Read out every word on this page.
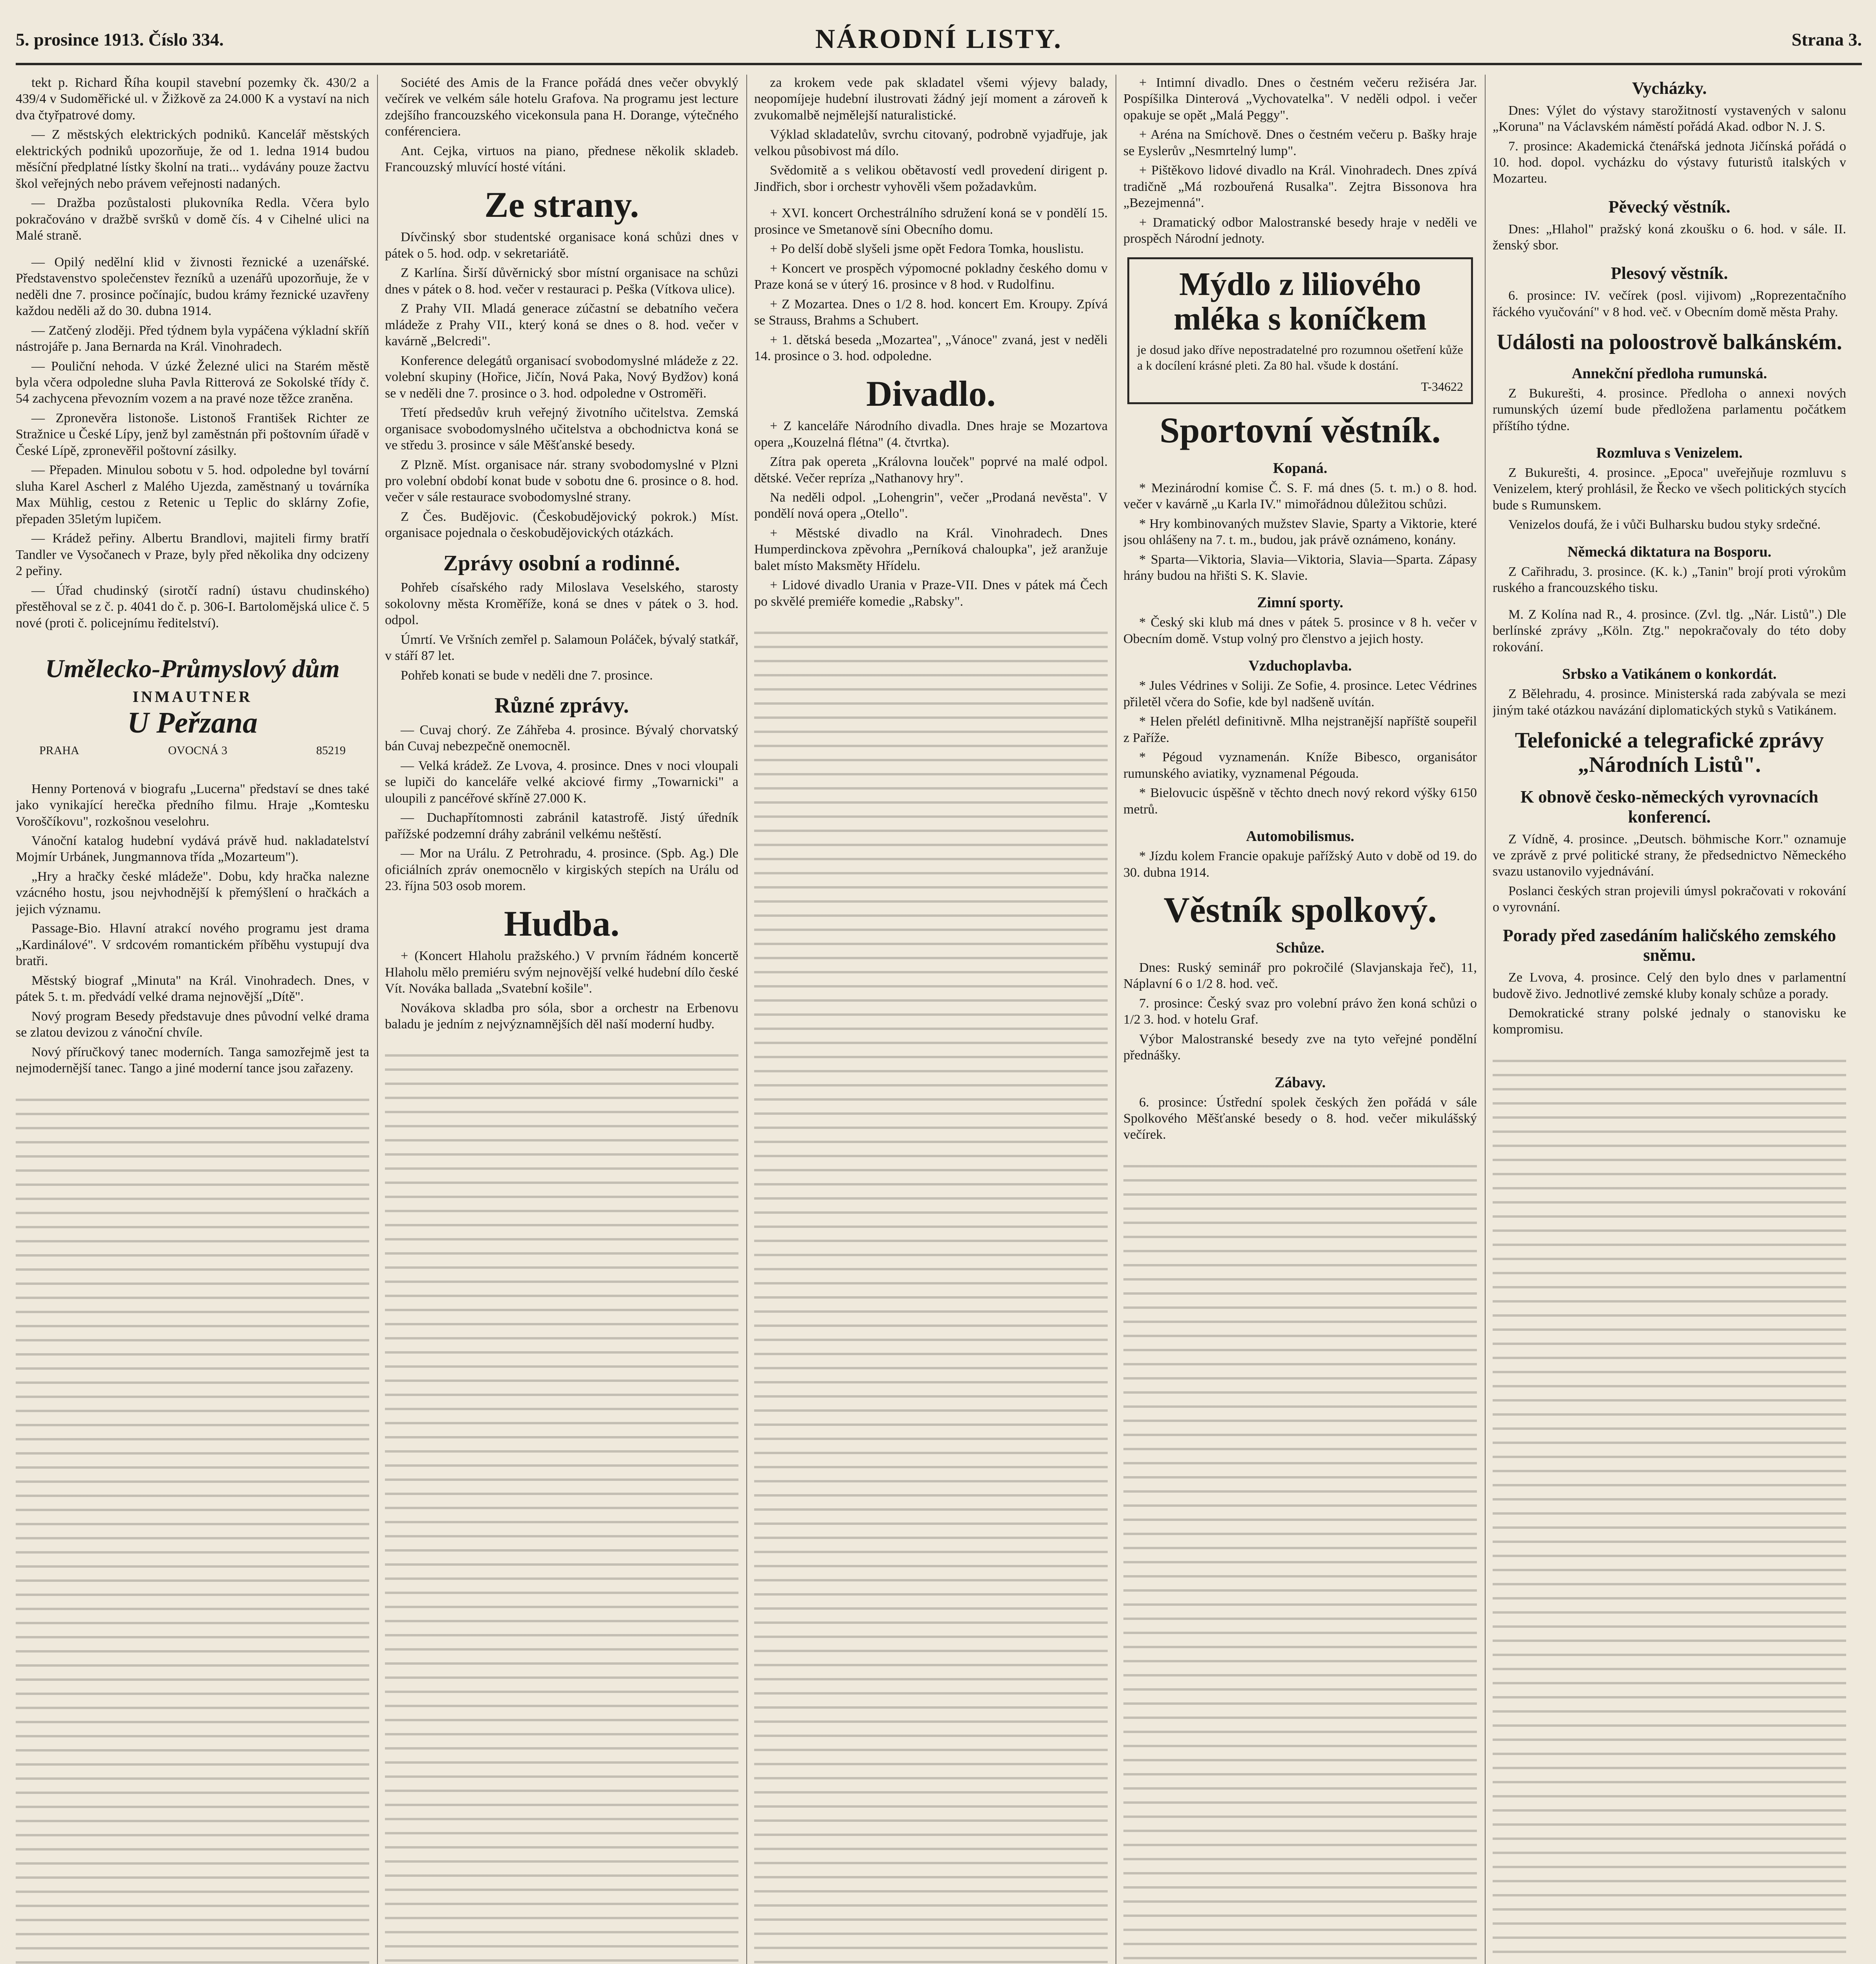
5. prosince 1913. Číslo 334.	NÁRODNÍ LISTY.	Strana 3.

tekt p. Richard Říha koupil stavební pozemky čk. 430/2 a 439/4 v Sudoměřické ul. v Žižkově za 24.000 K a vystaví na nich dva čtyřpatrové domy.

— Z městských elektrických podniků. Kancelář městských elektrických podniků upozorňuje, že od 1. ledna 1914 budou měsíční předplatné lístky školní na trati... vydávány pouze žactvu škol veřejných nebo právem veřejnosti nadaných.

— Dražba pozůstalosti plukovníka Redla. Včera bylo pokračováno v dražbě svršků v domě čís. 4 v Cihelné ulici na Malé straně.

— Opilý nedělní klid v živnosti řeznické a uzenářské. Představenstvo společenstev řezníků a uzenářů upozorňuje, že v neděli dne 7. prosince počínajíc, budou krámy řeznické uzavřeny každou neděli až do 30. dubna 1914.

— Zatčený zloději. Před týdnem byla vypáčena výkladní skříň nástrojáře p. Jana Bernarda na Král. Vinohradech.

— Pouliční nehoda. V úzké Železné ulici na Starém městě byla včera odpoledne sluha Pavla Ritterová ze Sokolské třídy č. 54 zachycena převozním vozem a na pravé noze těžce zraněna.

— Zpronevěra listonoše. Listonoš František Richter ze Stražnice u České Lípy, jenž byl zaměstnán při poštovním úřadě v České Lípě, zpronevěřil poštovní zásilky.

— Přepaden. Minulou sobotu v 5. hod. odpoledne byl tovární sluha Karel Ascherl z Malého Ujezda, zaměstnaný u továrníka Max Mühlig, cestou z Retenic u Teplic do sklárny Zofie, přepaden 35letým lupičem.

— Krádež peřiny. Albertu Brandlovi, majiteli firmy bratří Tandler ve Vysočanech v Praze, byly před několika dny odcizeny 2 peřiny.

— Úřad chudinský (sirotčí radní) ústavu chudinského) přestěhoval se z č. p. 4041 do č. p. 306-I. Bartolomějská ulice č. 5 nové (proti č. policejnímu ředitelství).

Umělecko-Průmyslový dům
INMAUTNER
U Peřzana
PRAHA	OVOCNÁ 3	85219

Henny Portenová v biografu „Lucerna" představí se dnes také jako vynikající herečka předního filmu. Hraje „Komtesku Voroščíkovu", rozkošnou veselohru.

Vánoční katalog hudební vydává právě hud. nakladatelství Mojmír Urbánek, Jungmannova třída „Mozarteum").

„Hry a hračky české mládeže". Dobu, kdy hračka nalezne vzácného hostu, jsou nejvhodnější k přemýšlení o hračkách a jejich významu.

Passage-Bio. Hlavní atrakcí nového programu jest drama „Kardinálové". V srdcovém romantickém příběhu vystupují dva bratři.

Městský biograf „Minuta" na Král. Vinohradech. Dnes, v pátek 5. t. m. předvádí velké drama nejnovější „Dítě".

Nový program Besedy představuje dnes původní velké drama se zlatou devizou z vánoční chvíle.

Nový příručkový tanec moderních. Tanga samozřejmě jest ta nejmodernější tanec. Tango a jiné moderní tance jsou zařazeny.

Société des Amis de la France pořádá dnes večer obvyklý večírek ve velkém sále hotelu Grafova. Na programu jest lecture zdejšího francouzského vicekonsula pana H. Dorange, výtečného conférenciera.

Ant. Cejka, virtuos na piano, přednese několik skladeb. Francouzský mluvící hosté vítáni.

Ze strany.

Dívčinský sbor studentské organisace koná schůzi dnes v pátek o 5. hod. odp. v sekretariátě.

Z Karlína. Širší důvěrnický sbor místní organisace na schůzi dnes v pátek o 8. hod. večer v restauraci p. Peška (Vítkova ulice).

Z Prahy VII. Mladá generace zúčastní se debatního večera mládeže z Prahy VII., který koná se dnes o 8. hod. večer v kavárně „Belcredi".

Konference delegátů organisací svobodomyslné mládeže z 22. volební skupiny (Hořice, Jičín, Nová Paka, Nový Bydžov) koná se v neděli dne 7. prosince o 3. hod. odpoledne v Ostroměři.

Třetí předsedův kruh veřejný životního učitelstva. Zemská organisace svobodomyslného učitelstva a obchodnictva koná se ve středu 3. prosince v sále Měšťanské besedy.

Z Plzně. Míst. organisace nár. strany svobodomyslné v Plzni pro volební období konat bude v sobotu dne 6. prosince o 8. hod. večer v sále restaurace svobodomyslné strany.

Z Čes. Budějovic. (Českobudějovický pokrok.) Míst. organisace pojednala o českobudějovických otázkách.

Zprávy osobní a rodinné.

Pohřeb císařského rady Miloslava Veselského, starosty sokolovny města Kroměříže, koná se dnes v pátek o 3. hod. odpol.

Úmrtí. Ve Vršních zemřel p. Salamoun Poláček, bývalý statkář, v stáří 87 let.

Pohřeb konati se bude v neděli dne 7. prosince.

Různé zprávy.

— Cuvaj chorý. Ze Záhřeba 4. prosince. Bývalý chorvatský bán Cuvaj nebezpečně onemocněl.

— Velká krádež. Ze Lvova, 4. prosince. Dnes v noci vloupali se lupiči do kanceláře velké akciové firmy „Towarnicki" a uloupili z pancéřové skříně 27.000 K.

— Duchapřítomnosti zabránil katastrofě. Jistý úředník pařížské podzemní dráhy zabránil velkému neštěstí.

— Mor na Urálu. Z Petrohradu, 4. prosince. (Spb. Ag.) Dle oficiálních zpráv onemocnělo v kirgiských stepích na Urálu od 23. října 503 osob morem.

Hudba.

+ (Koncert Hlaholu pražského.) V prvním řádném koncertě Hlaholu mělo premiéru svým nejnovější velké hudební dílo české Vít. Nováka ballada „Svatební košile".

Novákova skladba pro sóla, sbor a orchestr na Erbenovu baladu je jedním z nejvýznamnějších děl naší moderní hudby.

za krokem vede pak skladatel všemi výjevy balady, neopomíjeje hudební ilustrovati žádný její moment a zároveň k zvukomalbě nejmělejší naturalistické.

Výklad skladatelův, svrchu citovaný, podrobně vyjadřuje, jak velkou působivost má dílo.

Svědomitě a s velikou obětavostí vedl provedení dirigent p. Jindřich, sbor i orchestr vyhověli všem požadavkům.

+ XVI. koncert Orchestrálního sdružení koná se v pondělí 15. prosince ve Smetanově síni Obecního domu.

+ Po delší době slyšeli jsme opět Fedora Tomka, houslistu.

+ Koncert ve prospěch výpomocné pokladny českého domu v Praze koná se v úterý 16. prosince v 8 hod. v Rudolfinu.

+ Z Mozartea. Dnes o 1/2 8. hod. koncert Em. Kroupy. Zpívá se Strauss, Brahms a Schubert.

+ 1. dětská beseda „Mozartea", „Vánoce" zvaná, jest v neděli 14. prosince o 3. hod. odpoledne.

Divadlo.

+ Z kanceláře Národního divadla. Dnes hraje se Mozartova opera „Kouzelná flétna" (4. čtvrtka).

Zítra pak opereta „Královna louček" poprvé na malé odpol. dětské. Večer repríza „Nathanovy hry".

Na neděli odpol. „Lohengrin", večer „Prodaná nevěsta". V pondělí nová opera „Otello".

+ Městské divadlo na Král. Vinohradech. Dnes Humperdinckova zpěvohra „Perníková chaloupka", jež aranžuje balet místo Maksměty Hřídelu.

+ Lidové divadlo Urania v Praze-VII. Dnes v pátek má Čech po skvělé premiéře komedie „Rabsky".

+ Intimní divadlo. Dnes o čestném večeru režiséra Jar. Pospíšilka Dinterová „Vychovatelka". V neděli odpol. i večer opakuje se opět „Malá Peggy".

+ Aréna na Smíchově. Dnes o čestném večeru p. Bašky hraje se Eyslerův „Nesmrtelný lump".

+ Pištěkovo lidové divadlo na Král. Vinohradech. Dnes zpívá tradičně „Má rozbouřená Rusalka". Zejtra Bissonova hra „Bezejmenná".

+ Dramatický odbor Malostranské besedy hraje v neděli ve prospěch Národní jednoty.

Mýdlo z liliového mléka s koníčkem
je dosud jako dříve nepostradatelné pro rozumnou ošetření kůže a k docílení krásné pleti. Za 80 hal. všude k dostání.
T-34622
Sportovní věstník.
Kopaná.

* Mezinárodní komise Č. S. F. má dnes (5. t. m.) o 8. hod. večer v kavárně „u Karla IV." mimořádnou důležitou schůzi.

* Hry kombinovaných mužstev Slavie, Sparty a Viktorie, které jsou ohlášeny na 7. t. m., budou, jak právě oznámeno, konány.

* Sparta—Viktoria, Slavia—Viktoria, Slavia—Sparta. Zápasy hrány budou na hřišti S. K. Slavie.

Zimní sporty.

* Český ski klub má dnes v pátek 5. prosince v 8 h. večer v Obecním domě. Vstup volný pro členstvo a jejich hosty.

Vzduchoplavba.

* Jules Védrines v Soliji. Ze Sofie, 4. prosince. Letec Védrines přiletěl včera do Sofie, kde byl nadšeně uvítán.

* Helen přelétl definitivně. Mlha nejstranější napříště soupeřil z Paříže.

* Pégoud vyznamenán. Kníže Bibesco, organisátor rumunského aviatiky, vyznamenal Pégouda.

* Bielovucic úspěšně v těchto dnech nový rekord výšky 6150 metrů.

Automobilismus.

* Jízdu kolem Francie opakuje pařížský Auto v době od 19. do 30. dubna 1914.

Věstník spolkový.
Schůze.

Dnes: Ruský seminář pro pokročilé (Slavjanskaja řeč), 11, Náplavní 6 o 1/2 8. hod. več.

7. prosince: Český svaz pro volební právo žen koná schůzi o 1/2 3. hod. v hotelu Graf.

Výbor Malostranské besedy zve na tyto veřejné pondělní přednášky.

Zábavy.

6. prosince: Ústřední spolek českých žen pořádá v sále Spolkového Měšťanské besedy o 8. hod. večer mikulášský večírek.

Vycházky.

Dnes: Výlet do výstavy starožitností vystavených v salonu „Koruna" na Václavském náměstí pořádá Akad. odbor N. J. S.

7. prosince: Akademická čtenářská jednota Jičínská pořádá o 10. hod. dopol. vycházku do výstavy futuristů italských v Mozarteu.

Pěvecký věstník.

Dnes: „Hlahol" pražský koná zkoušku o 6. hod. v sále. II. ženský sbor.

Plesový věstník.

6. prosince: IV. večírek (posl. vijivom) „Roprezentačního řáckého vyučování" v 8 hod. več. v Obecním domě města Prahy.

Události na poloostrově balkánském.
Annekční předloha rumunská.

Z Bukurešti, 4. prosince. Předloha o annexi nových rumunských území bude předložena parlamentu počátkem příštího týdne.

Rozmluva s Venizelem.

Z Bukurešti, 4. prosince. „Epoca" uveřejňuje rozmluvu s Venizelem, který prohlásil, že Řecko ve všech politických stycích bude s Rumunskem.

Venizelos doufá, že i vůči Bulharsku budou styky srdečné.

Německá diktatura na Bosporu.

Z Cařihradu, 3. prosince. (K. k.) „Tanin" brojí proti výrokům ruského a francouzského tisku.

M. Z Kolína nad R., 4. prosince. (Zvl. tlg. „Nár. Listů".) Dle berlínské zprávy „Köln. Ztg." nepokračovaly do této doby rokování.

Srbsko a Vatikánem o konkordát.

Z Bělehradu, 4. prosince. Ministerská rada zabývala se mezi jiným také otázkou navázání diplomatických styků s Vatikánem.

Telefonické a telegrafické zprávy „Národních Listů".
K obnově česko-německých vyrovnacích konferencí.

Z Vídně, 4. prosince. „Deutsch. böhmische Korr." oznamuje ve zprávě z prvé politické strany, že předsednictvo Německého svazu ustanovilo vyjednávání.

Poslanci českých stran projevili úmysl pokračovati v rokování o vyrovnání.

Porady před zasedáním haličského zemského sněmu.

Ze Lvova, 4. prosince. Celý den bylo dnes v parlamentní budově živo. Jednotlivé zemské kluby konaly schůze a porady.

Demokratické strany polské jednaly o stanovisku ke kompromisu.
